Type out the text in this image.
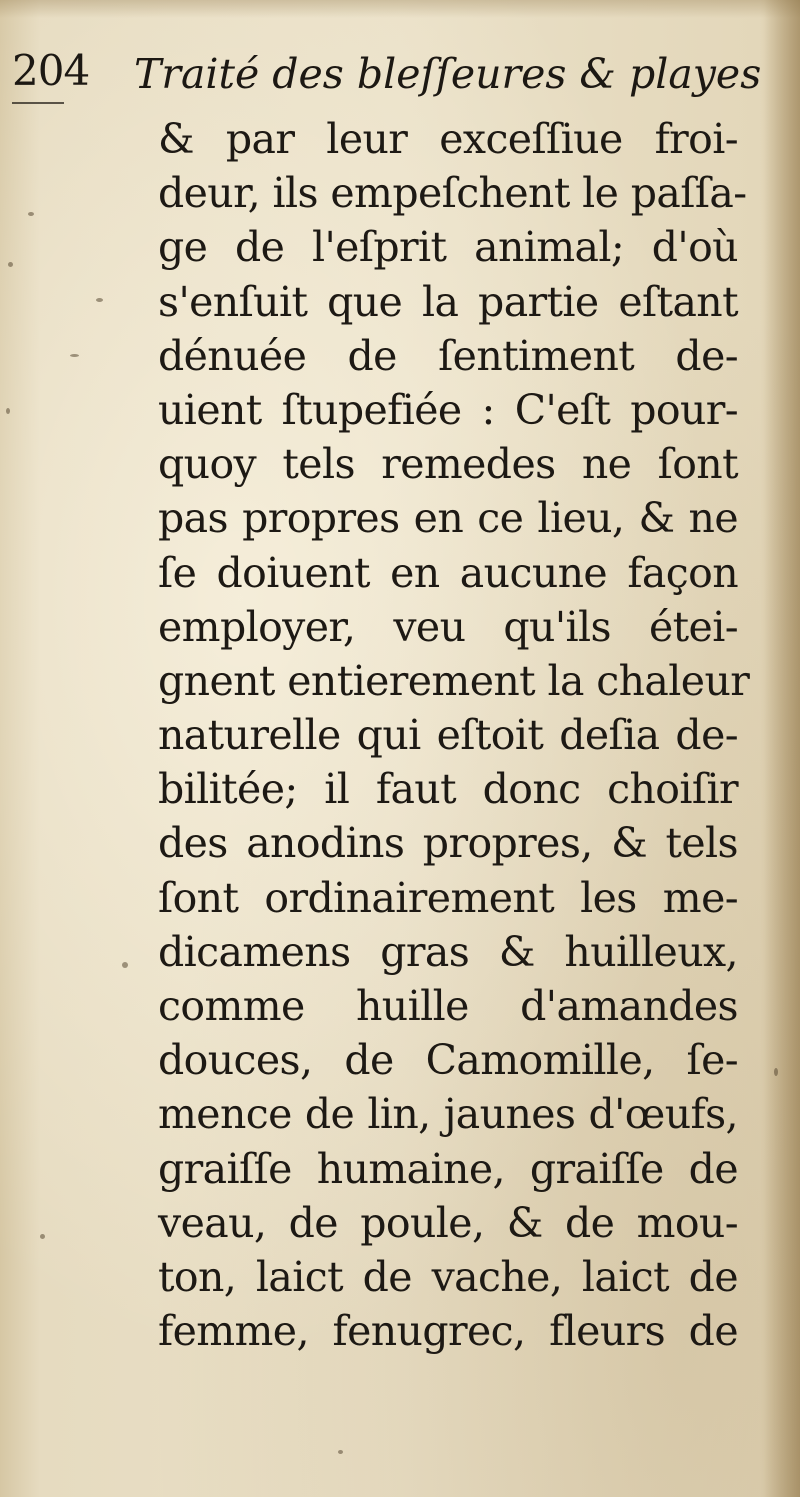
204 Traité des bleſſeures & playes
& par leur exceſſiue froi-
deur, ils empeſchent le paſſa-
ge de l'eſprit animal; d'où
s'enſuit que la partie eſtant
dénuée de ſentiment de-
uient ſtupefiée : C'eſt pour-
quoy tels remedes ne ſont
pas propres en ce lieu, & ne
ſe doiuent en aucune façon
employer, veu qu'ils étei-
gnent entierement la chaleur
naturelle qui eſtoit deſia de-
bilitée; il faut donc choiſir
des anodins propres, & tels
ſont ordinairement les me-
dicamens gras & huilleux,
comme huille d'amandes
douces, de Camomille, ſe-
mence de lin, jaunes d'œufs,
graiſſe humaine, graiſſe de
veau, de poule, & de mou-
ton, laict de vache, laict de
femme, fenugrec, fleurs de
